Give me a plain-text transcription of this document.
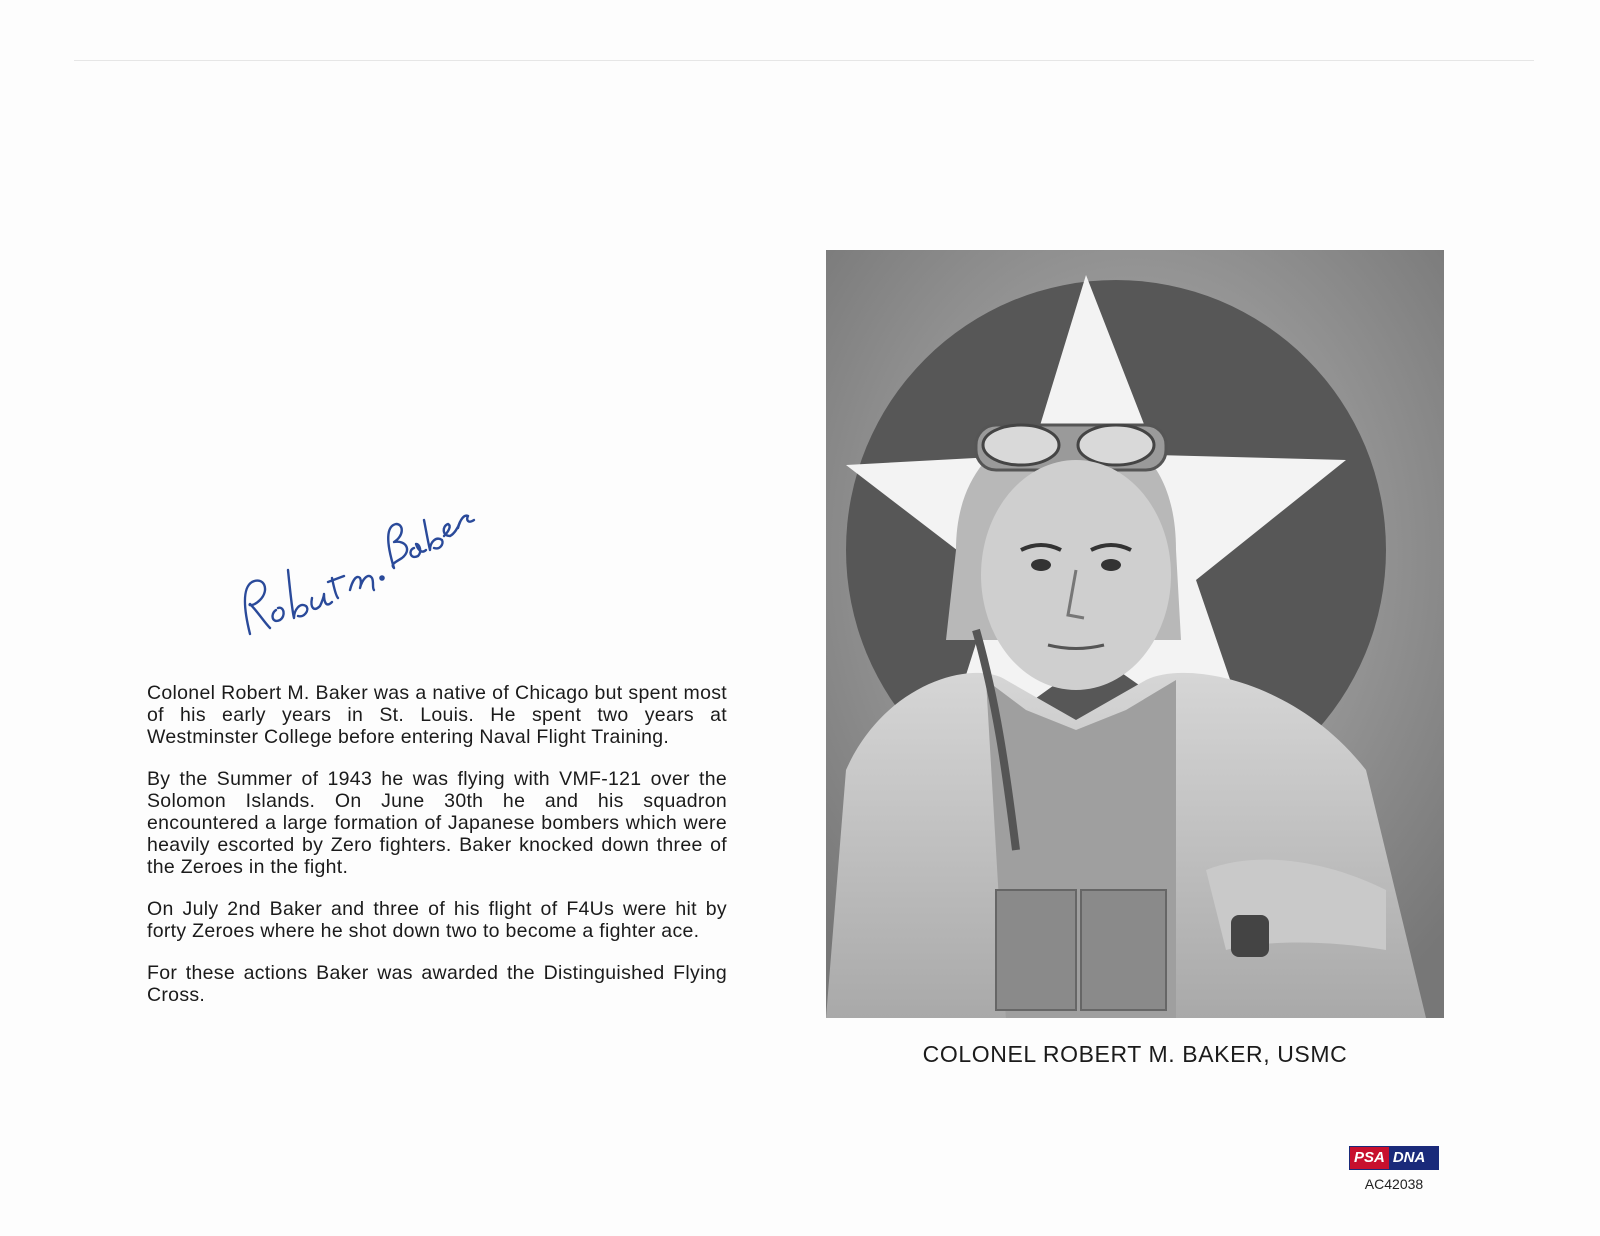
Colonel Robert M. Baker was a native of Chicago but spent most of his early years in St. Louis. He spent two years at Westminster College before entering Naval Flight Training.

By the Summer of 1943 he was flying with VMF-121 over the Solomon Islands. On June 30th he and his squadron encountered a large formation of Japanese bombers which were heavily escorted by Zero fighters. Baker knocked down three of the Zeroes in the fight.

On July 2nd Baker and three of his flight of F4Us were hit by forty Zeroes where he shot down two to become a fighter ace.

For these actions Baker was awarded the Distinguished Flying Cross.

COLONEL ROBERT M. BAKER, USMC
PSA DNA
AC42038
